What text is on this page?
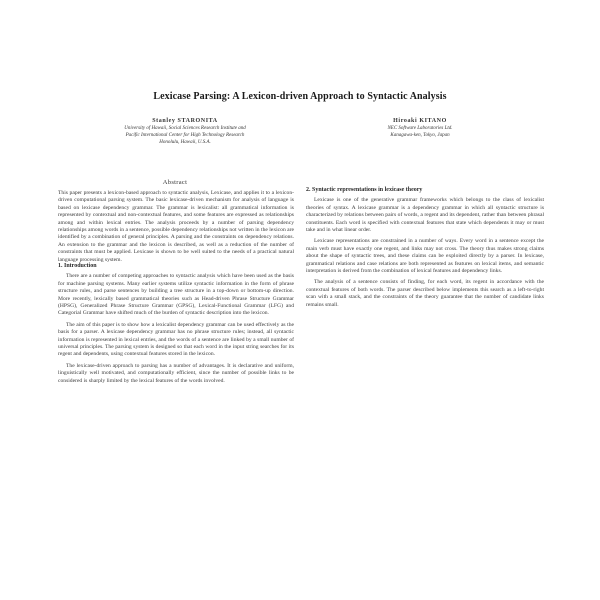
Lexicase Parsing: A Lexicon-driven Approach to Syntactic Analysis
Stanley STARONITA
University of Hawaii, Social Sciences Research Institute and
Pacific International Center for High Technology Research
Honolulu, Hawaii, U.S.A.
Hiroaki KITANO
NEC Software Laboratories Ltd.
Kanagawa-ken, Tokyo, Japan
Abstract

This paper presents a lexicon-based approach to syntactic analysis, Lexicase, and applies it to a lexicon-driven computational parsing system. The basic lexicase-driven mechanism for analysis of language is based on lexicase dependency grammar. The grammar is lexicalist: all grammatical information is represented by contextual and non-contextual features, and some features are expressed as relationships among and within lexical entries. The analysis proceeds by a number of parsing dependency relationships among words in a sentence, possible dependency relationships not written in the lexicon are identified by a combination of general principles. A parsing and the constraints on dependency relations. An extension to the grammar and the lexicon is described, as well as a reduction of the number of constraints that must be applied. Lexicase is shown to be well suited to the needs of a practical natural language processing system.

1. Introduction

There are a number of competing approaches to syntactic analysis which have been used as the basis for machine parsing systems. Many earlier systems utilize syntactic information in the form of phrase structure rules, and parse sentences by building a tree structure in a top-down or bottom-up direction. More recently, lexically based grammatical theories such as Head-driven Phrase Structure Grammar (HPSG), Generalized Phrase Structure Grammar (GPSG), Lexical-Functional Grammar (LFG) and Categorial Grammar have shifted much of the burden of syntactic description into the lexicon.

The aim of this paper is to show how a lexicalist dependency grammar can be used effectively as the basis for a parser. A lexicase dependency grammar has no phrase structure rules; instead, all syntactic information is represented in lexical entries, and the words of a sentence are linked by a small number of universal principles. The parsing system is designed so that each word in the input string searches for its regent and dependents, using contextual features stored in the lexicon.

The lexicase-driven approach to parsing has a number of advantages. It is declarative and uniform, linguistically well motivated, and computationally efficient, since the number of possible links to be considered is sharply limited by the lexical features of the words involved.

2. Syntactic representations in lexicase theory

Lexicase is one of the generative grammar frameworks which belongs to the class of lexicalist theories of syntax. A lexicase grammar is a dependency grammar in which all syntactic structure is characterized by relations between pairs of words, a regent and its dependent, rather than between phrasal constituents. Each word is specified with contextual features that state which dependents it may or must take and in what linear order.

Lexicase representations are constrained in a number of ways. Every word in a sentence except the main verb must have exactly one regent, and links may not cross. The theory thus makes strong claims about the shape of syntactic trees, and these claims can be exploited directly by a parser. In lexicase, grammatical relations and case relations are both represented as features on lexical items, and semantic interpretation is derived from the combination of lexical features and dependency links.

The analysis of a sentence consists of finding, for each word, its regent in accordance with the contextual features of both words. The parser described below implements this search as a left-to-right scan with a small stack, and the constraints of the theory guarantee that the number of candidate links remains small.
